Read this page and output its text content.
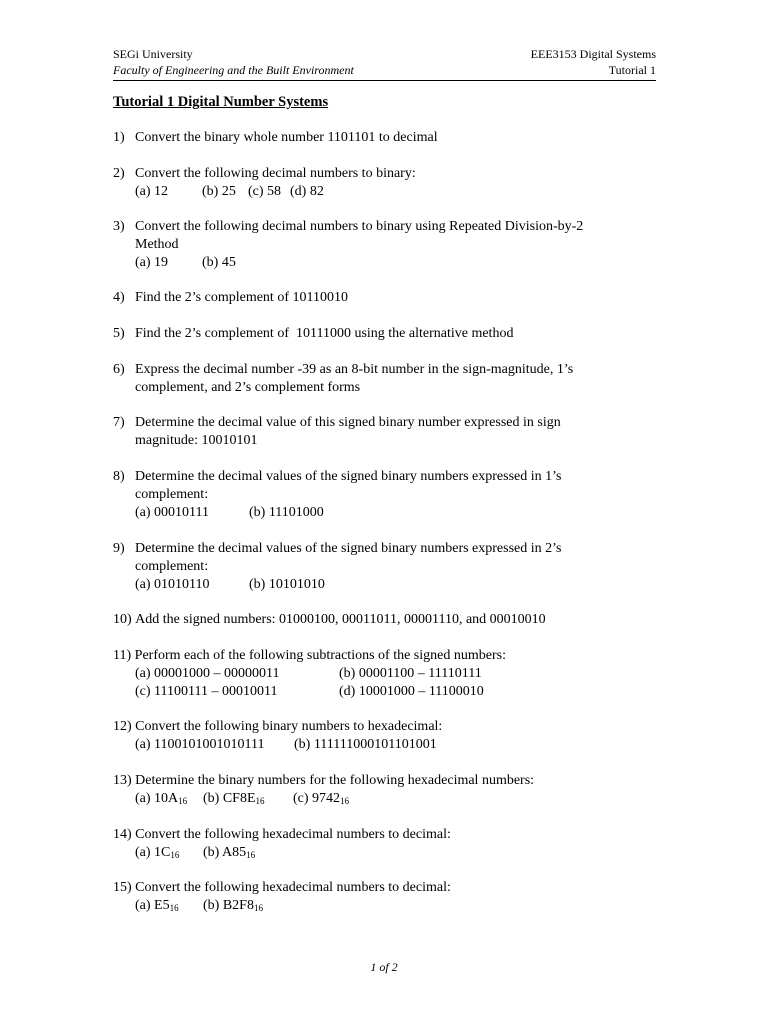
SEGi University
Faculty of Engineering and the Built Environment
EEE3153 Digital Systems
Tutorial 1
Tutorial 1 Digital Number Systems
1) Convert the binary whole number 1101101 to decimal
2) Convert the following decimal numbers to binary:
(a) 12 (b) 25 (c) 58 (d) 82
3) Convert the following decimal numbers to binary using Repeated Division-by-2
Method
(a) 19 (b) 45
4) Find the 2’s complement of 10110010
5) Find the 2’s complement of  10111000 using the alternative method
6) Express the decimal number -39 as an 8-bit number in the sign-magnitude, 1’s
complement, and 2’s complement forms
7) Determine the decimal value of this signed binary number expressed in sign
magnitude: 10010101
8) Determine the decimal values of the signed binary numbers expressed in 1’s
complement:
(a) 00010111	(b) 11101000
9) Determine the decimal values of the signed binary numbers expressed in 2’s
complement:
(a) 01010110	(b) 10101010
10) Add the signed numbers: 01000100, 00011011, 00001110, and 00010010
11) Perform each of the following subtractions of the signed numbers:
(a) 00001000 – 00000011	(b) 00001100 – 11110111
(c) 11100111 – 00010011	(d) 10001000 – 11100010
12) Convert the following binary numbers to hexadecimal:
(a) 1100101001010111 (b) 111111000101101001
13) Determine the binary numbers for the following hexadecimal numbers:
(a) $10A_{16}$ (b) $CF8E_{16}$ (c) $9742_{16}$
14) Convert the following hexadecimal numbers to decimal:
(a) $1C_{16}$ (b) $A85_{16}$
15) Convert the following hexadecimal numbers to decimal:
(a) $E5_{16}$ (b) $B2F8_{16}$
1 of 2
